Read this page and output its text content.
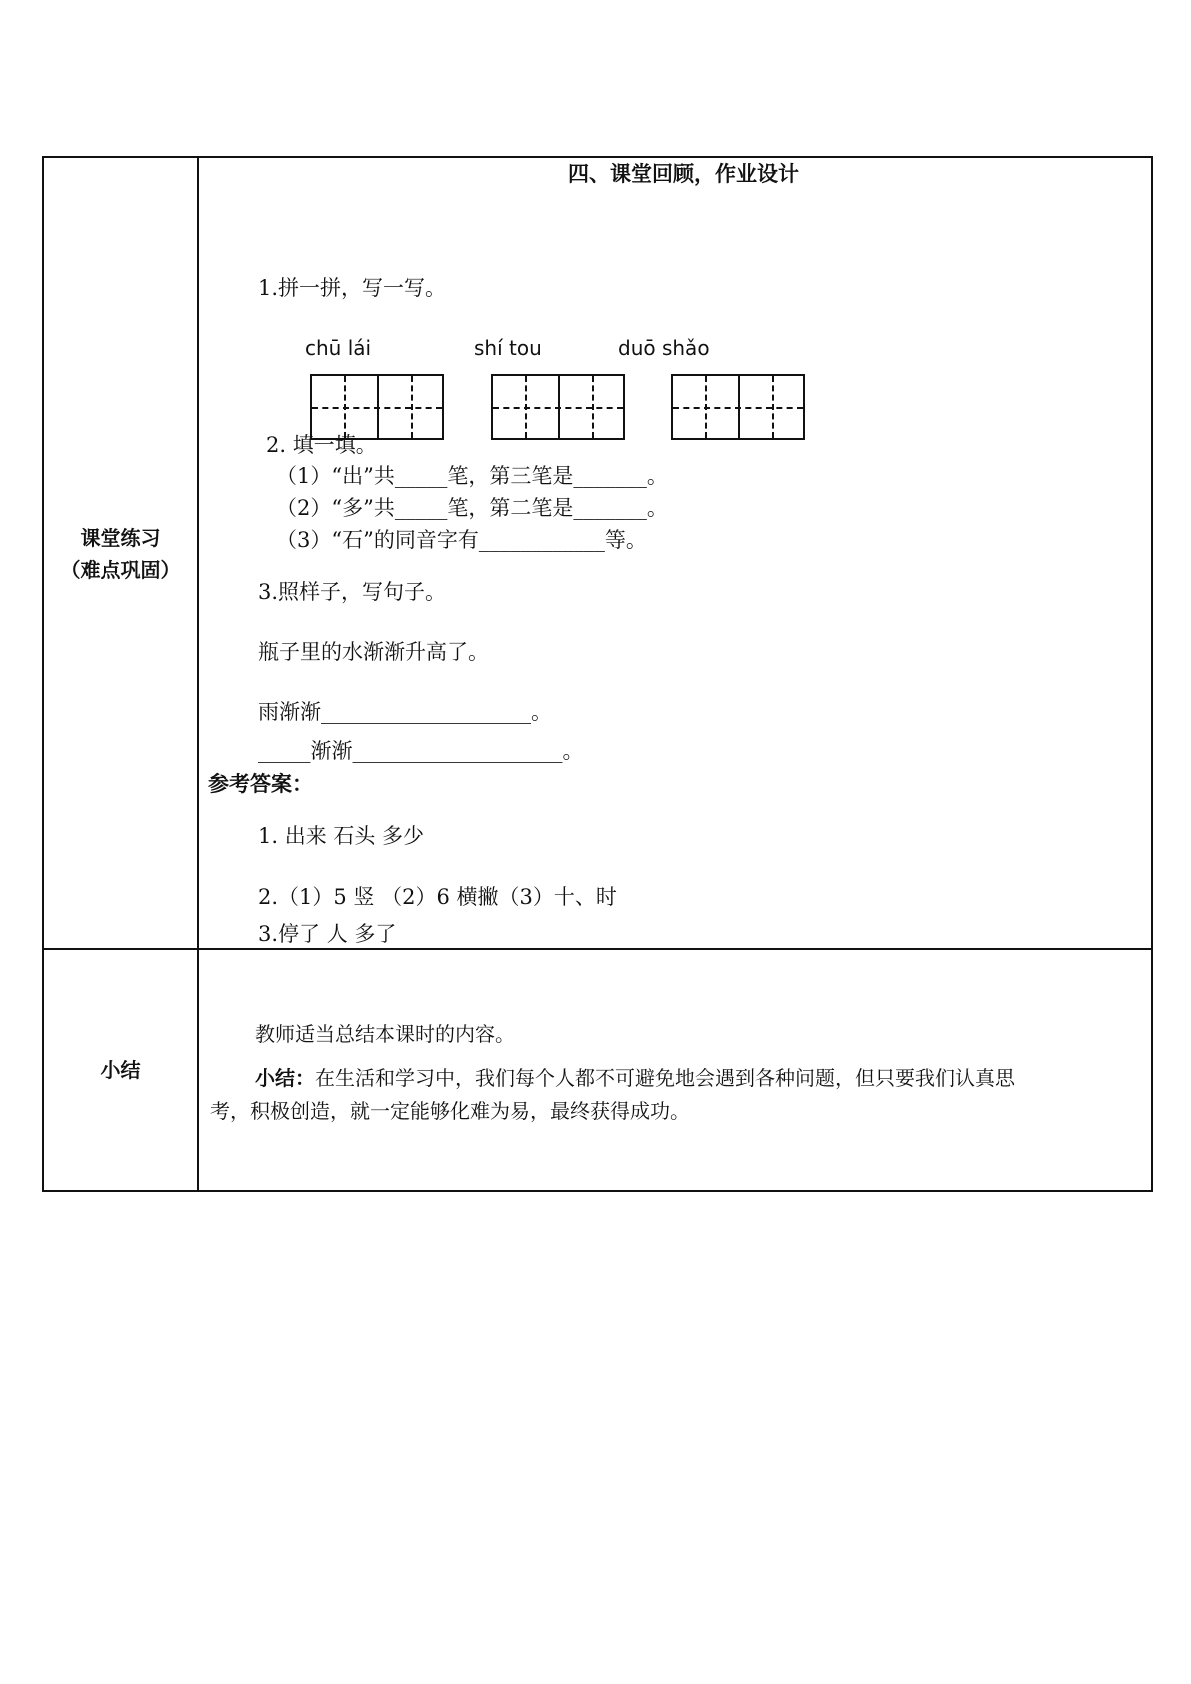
课堂练习
（难点巩固）
小结
四、课堂回顾，作业设计
1.拼一拼，写一写。
chū lái	shí tou	duō shǎo
2. 填一填。
（1）“出”共_____笔，第三笔是_______。
（2）“多”共_____笔，第二笔是_______。
（3）“石”的同音字有____________等。
3.照样子，写句子。
瓶子里的水渐渐升高了。
雨渐渐____________________。
_____渐渐____________________。
参考答案：
1. 出来 石头 多少
2.（1）5 竖 （2）6 横撇（3）十、时
3.停了 人 多了
教师适当总结本课时的内容。
小结：在生活和学习中，我们每个人都不可避免地会遇到各种问题，但只要我们认真思
考，积极创造，就一定能够化难为易，最终获得成功。
